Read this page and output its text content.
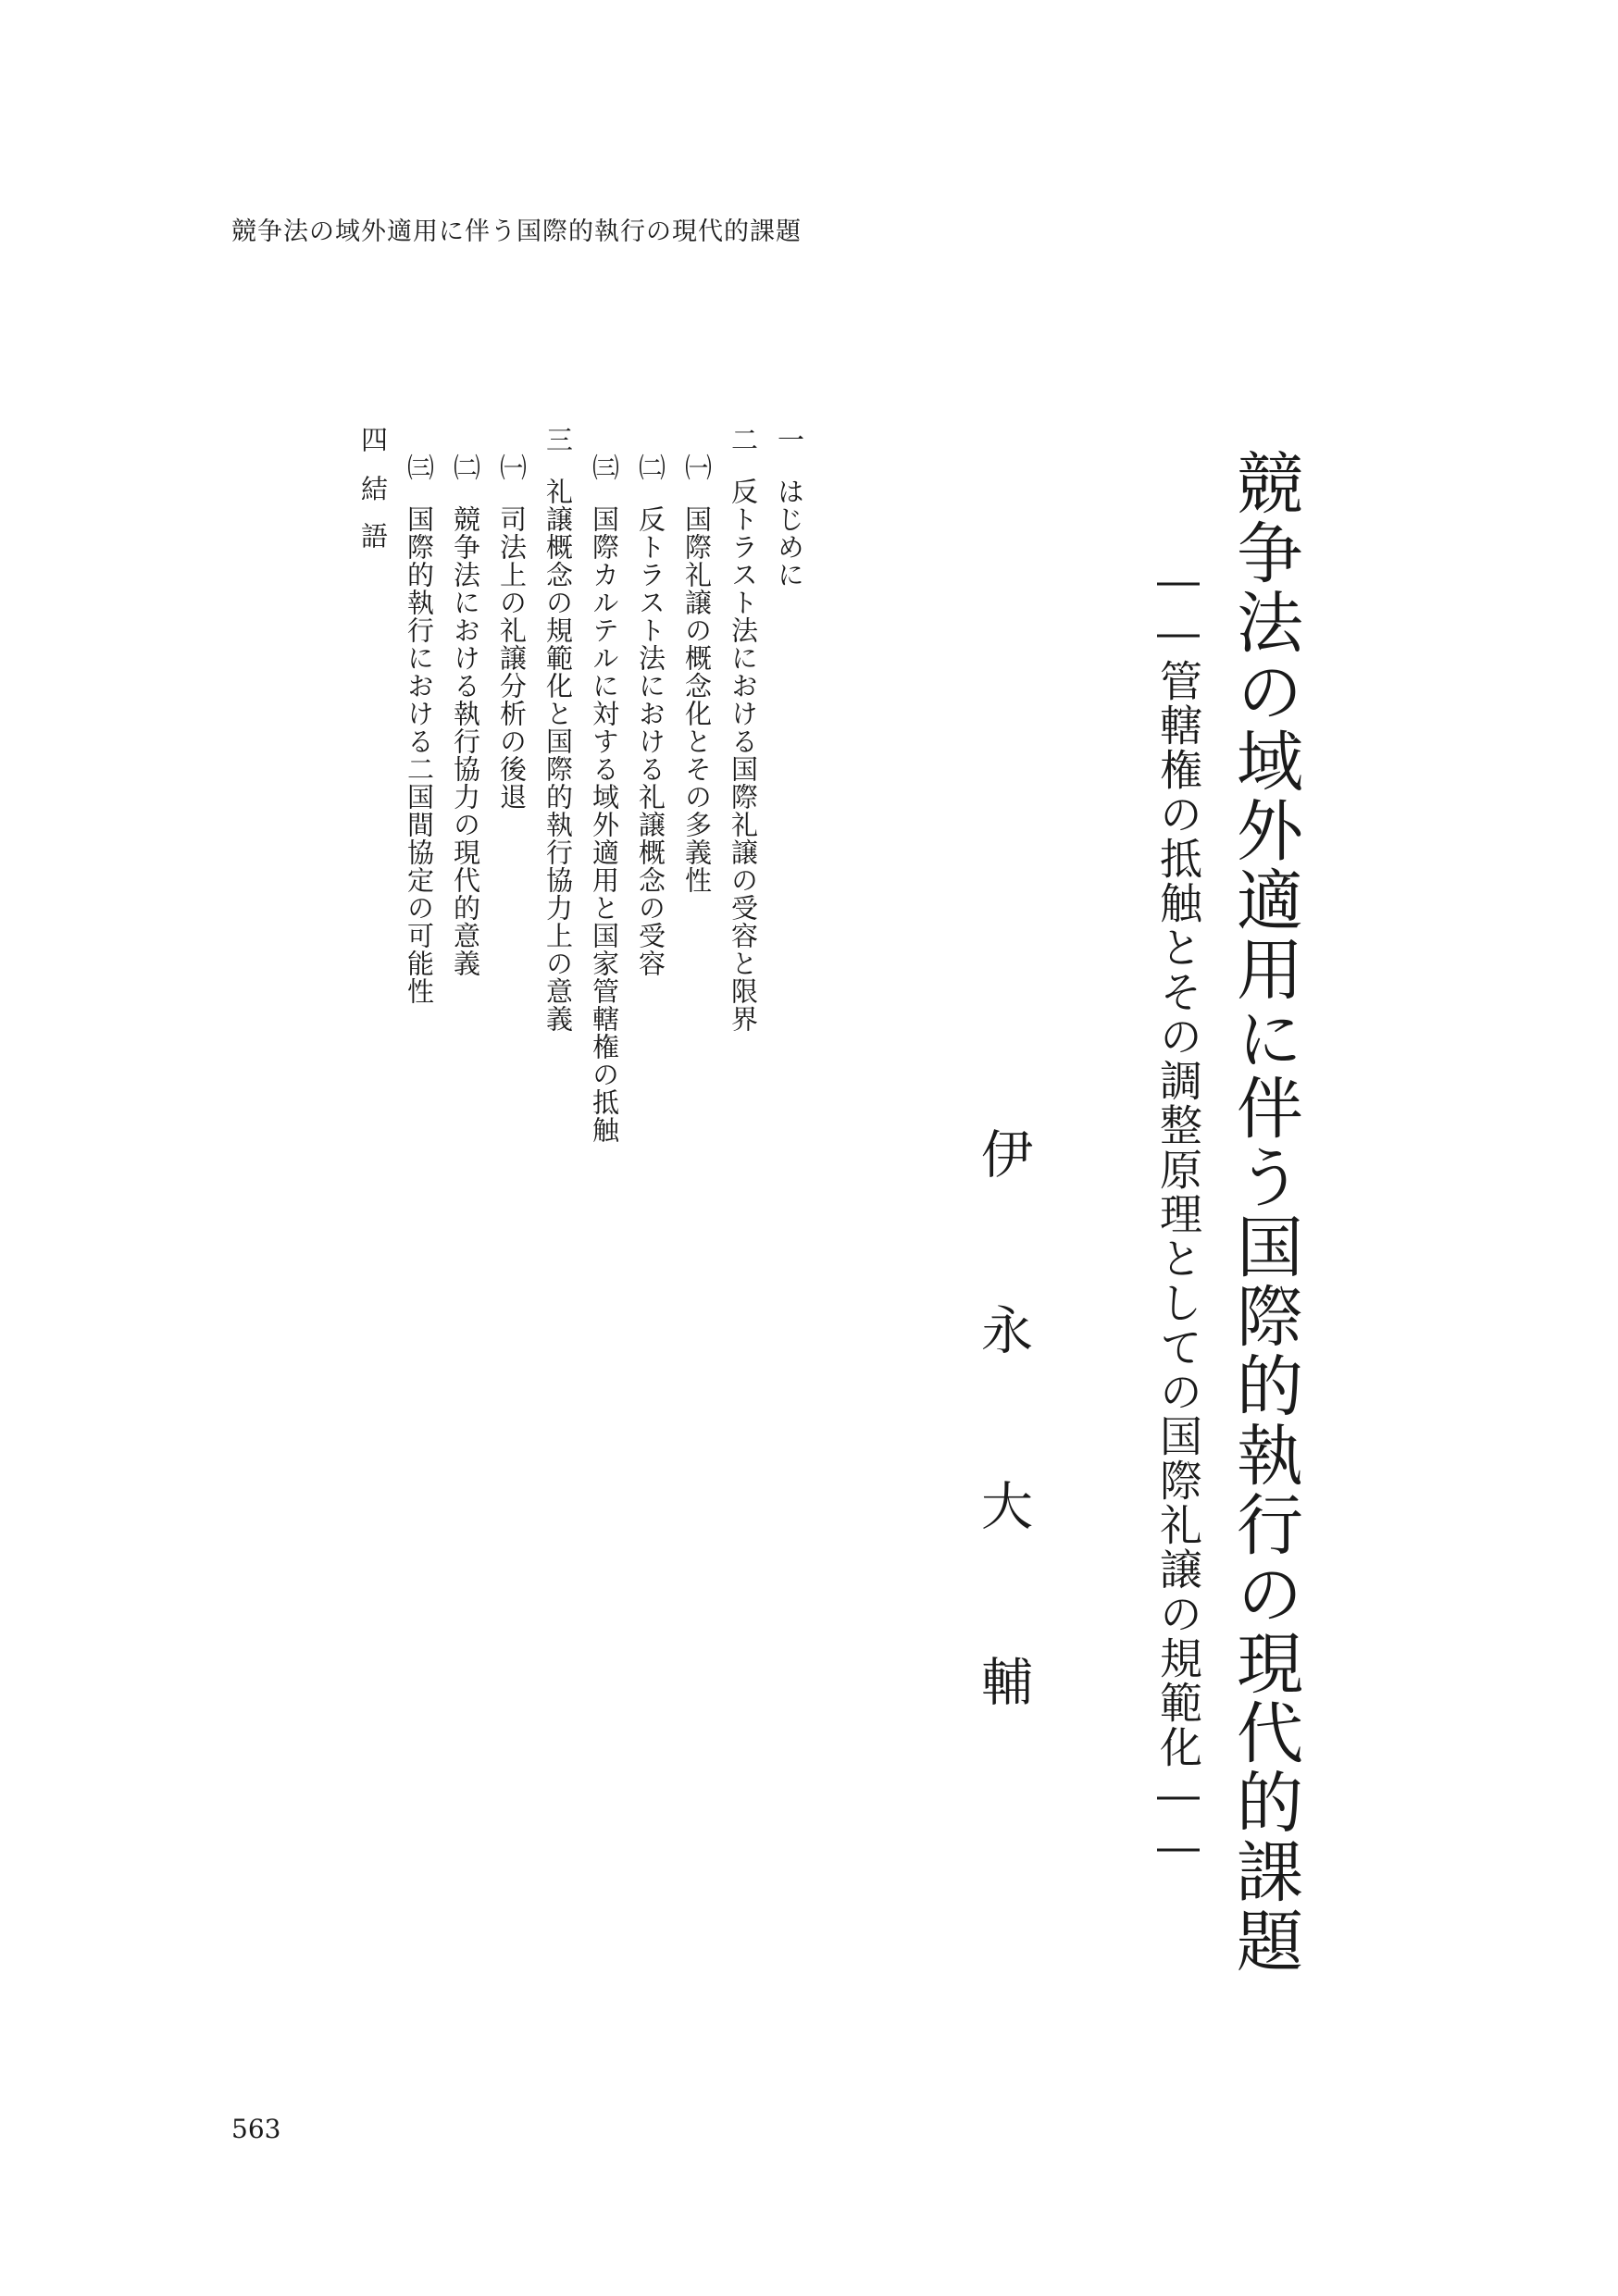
競争法の域外適用に伴う国際的執行の現代的課題
競争法の域外適用に伴う国際的執行の現代的課題
――管轄権の抵触とその調整原理としての国際礼譲の規範化――
伊永大輔
一はじめに
二反トラスト法における国際礼譲の受容と限界
㈠国際礼譲の概念化とその多義性
㈡反トラスト法における礼譲概念の受容
㈢国際カルテルに対する域外適用と国家管轄権の抵触
三礼譲概念の規範化と国際的執行協力上の意義
㈠司法上の礼譲分析の後退
㈡競争法における執行協力の現代的意義
㈢国際的執行における二国間協定の可能性
四結語
563
